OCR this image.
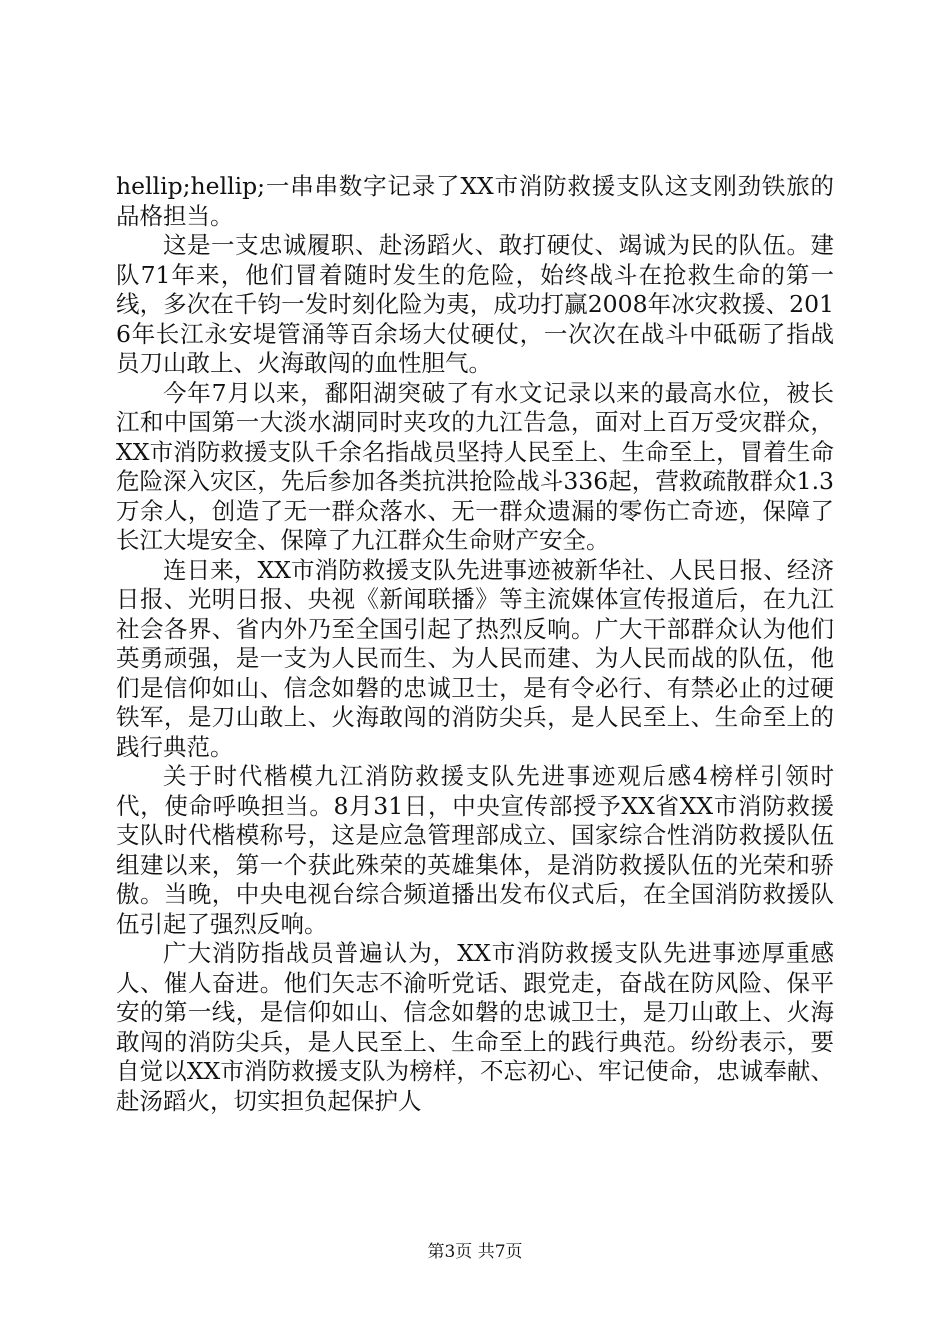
hellip;hellip;一串串数字记录了XX市消防救援支队这支刚劲铁旅的品格担当。

这是一支忠诚履职、赴汤蹈火、敢打硬仗、竭诚为民的队伍。建队71年来，他们冒着随时发生的危险，始终战斗在抢救生命的第一线，多次在千钧一发时刻化险为夷，成功打赢2008年冰灾救援、2016年长江永安堤管涌等百余场大仗硬仗，一次次在战斗中砥砺了指战员刀山敢上、火海敢闯的血性胆气。

今年7月以来，鄱阳湖突破了有水文记录以来的最高水位，被长江和中国第一大淡水湖同时夹攻的九江告急，面对上百万受灾群众，XX市消防救援支队千余名指战员坚持人民至上、生命至上，冒着生命危险深入灾区，先后参加各类抗洪抢险战斗336起，营救疏散群众1.3万余人，创造了无一群众落水、无一群众遗漏的零伤亡奇迹，保障了长江大堤安全、保障了九江群众生命财产安全。

连日来，XX市消防救援支队先进事迹被新华社、人民日报、经济日报、光明日报、央视《新闻联播》等主流媒体宣传报道后，在九江社会各界、省内外乃至全国引起了热烈反响。广大干部群众认为他们英勇顽强，是一支为人民而生、为人民而建、为人民而战的队伍，他们是信仰如山、信念如磐的忠诚卫士，是有令必行、有禁必止的过硬铁军，是刀山敢上、火海敢闯的消防尖兵，是人民至上、生命至上的践行典范。

关于时代楷模九江消防救援支队先进事迹观后感4榜样引领时代，使命呼唤担当。8月31日，中央宣传部授予XX省XX市消防救援支队时代楷模称号，这是应急管理部成立、国家综合性消防救援队伍组建以来，第一个获此殊荣的英雄集体，是消防救援队伍的光荣和骄傲。当晚，中央电视台综合频道播出发布仪式后，在全国消防救援队伍引起了强烈反响。

广大消防指战员普遍认为，XX市消防救援支队先进事迹厚重感人、催人奋进。他们矢志不渝听党话、跟党走，奋战在防风险、保平安的第一线，是信仰如山、信念如磐的忠诚卫士，是刀山敢上、火海敢闯的消防尖兵，是人民至上、生命至上的践行典范。纷纷表示，要自觉以XX市消防救援支队为榜样，不忘初心、牢记使命，忠诚奉献、赴汤蹈火，切实担负起保护人

第3页 共7页
